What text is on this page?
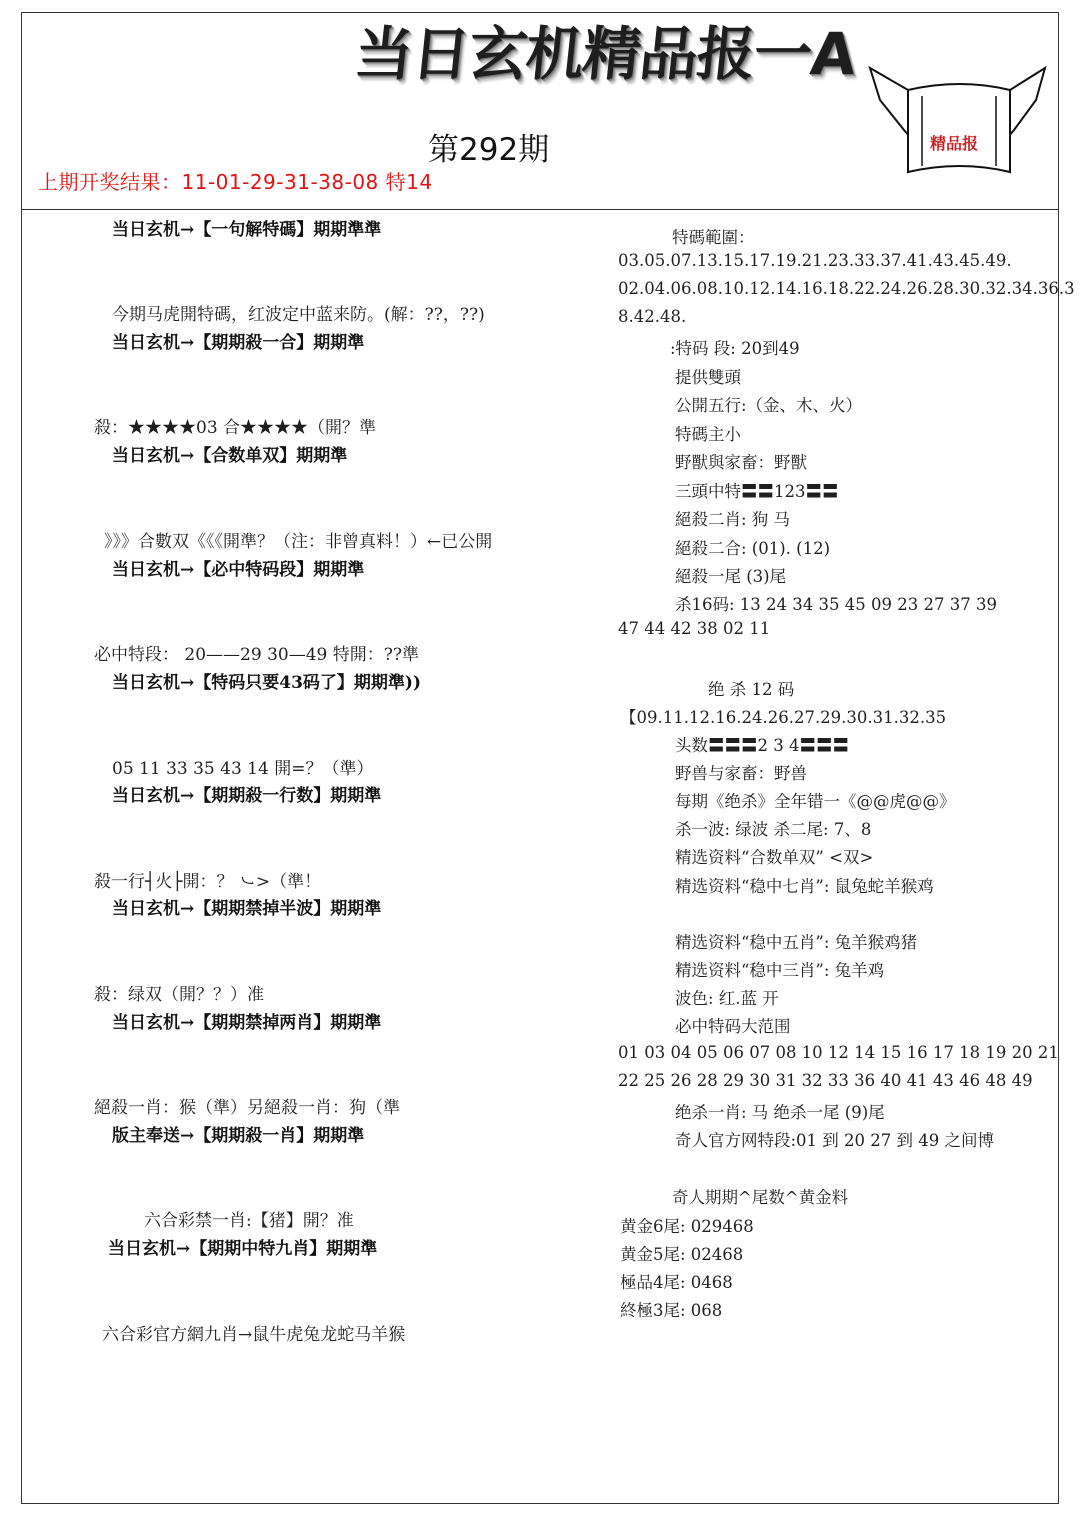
当日玄机精品报一A
精品报
第292期
上期开奖结果：11-01-29-31-38-08 特14
当日玄机→【一句解特碼】期期準準
今期马虎開特碼，红波定中蓝来防。(解：??，??)
当日玄机→【期期殺一合】期期準
殺：★★★★03 合★★★★（開？準
当日玄机→【合数单双】期期準
》》》合數双《《《開準？（注：非曾真料！）←已公開
当日玄机→【必中特码段】期期準
必中特段： 20——29 30—49 特開：??準
当日玄机→【特码只要43码了】期期準))
05 11 33 35 43 14 開=？（準）
当日玄机→【期期殺一行数】期期準
殺一行┤火├開：？ ㇃>（準！
当日玄机→【期期禁掉半波】期期準
殺：绿双（開？？）准
当日玄机→【期期禁掉两肖】期期準
絕殺一肖：猴（準）另絕殺一肖：狗（準
版主奉送→【期期殺一肖】期期準
六合彩禁一肖:【猪】開？准
当日玄机→【期期中特九肖】期期準
六合彩官方網九肖→鼠牛虎兔龙蛇马羊猴
特碼範圍：
03.05.07.13.15.17.19.21.23.33.37.41.43.45.49.
02.04.06.08.10.12.14.16.18.22.24.26.28.30.32.34.36.3
8.42.48.
:特码 段: 20到49
提供雙頭
公開五行:（金、木、火）
特碼主小
野獸與家畜：野獸
三頭中特〓〓123〓〓
絕殺二肖: 狗 马
絕殺二合: (01). (12)
絕殺一尾 (3)尾
杀16码: 13 24 34 35 45 09 23 27 37 39
47 44 42 38 02 11
绝 杀 12 码
【09.11.12.16.24.26.27.29.30.31.32.35
头数〓〓〓2 3 4〓〓〓
野兽与家畜：野兽
每期《绝杀》全年错一《@@虎@@》
杀一波: 绿波 杀二尾: 7、8
精选资料“合数单双” <双>
精选资料“稳中七肖”: 鼠兔蛇羊猴鸡
精选资料“稳中五肖”: 兔羊猴鸡猪
精选资料“稳中三肖”: 兔羊鸡
波色: 红.蓝 开
必中特码大范围
01 03 04 05 06 07 08 10 12 14 15 16 17 18 19 20 21
22 25 26 28 29 30 31 32 33 36 40 41 43 46 48 49
绝杀一肖: 马 绝杀一尾 (9)尾
奇人官方网特段:01 到 20 27 到 49 之间博
奇人期期^尾数^黄金料
黄金6尾: 029468
黄金5尾: 02468
極品4尾: 0468
終極3尾: 068
